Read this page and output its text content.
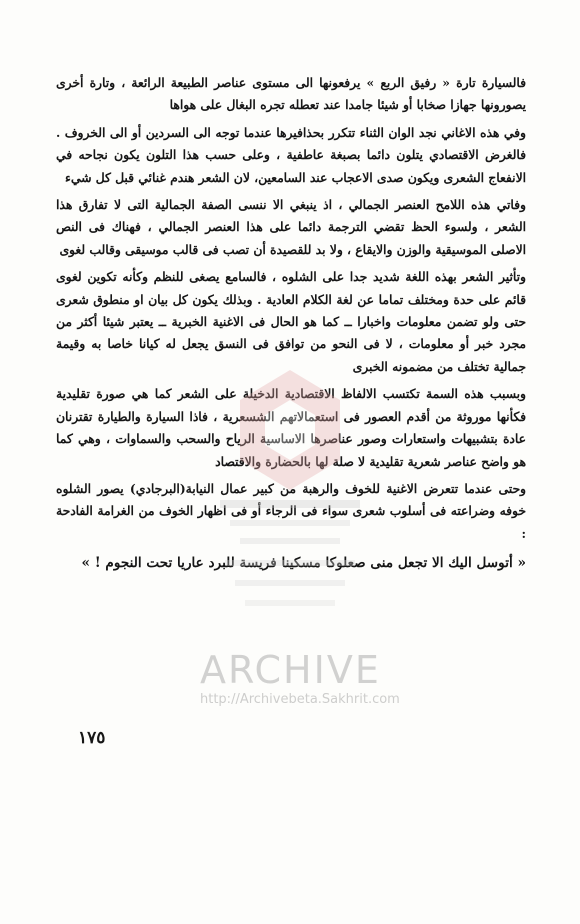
فالسيارة تارة « رفيق الربع » يرفعونها الى مستوى عناصر الطبيعة الرائعة ، وتارة أخرى يصورونها جهازا صخابا أو شيئا جامدا عند تعطله تجره البغال على هواها

وفي هذه الاغاني نجد الوان الثناء تتكرر بحذافيرها عندما توجه الى السردين أو الى الخروف . فالغرض الاقتصادي يتلون دائما بصبغة عاطفية ، وعلى حسب هذا التلون يكون نجاحه في الانفعاج الشعرى ويكون صدى الاعجاب عند السامعين، لان الشعر هندم غنائي قبل كل شيء

وفاتي هذه اللامح العنصر الجمالي ، اذ ينبغي الا ننسى الصفة الجمالية التى لا تفارق هذا الشعر ، ولسوء الحظ تقضي الترجمة دائما على هذا العنصر الجمالي ، فهناك فى النص الاصلى الموسيقية والوزن والايقاع ، ولا بد للقصيدة أن تصب فى قالب موسيقى وقالب لغوى

وتأثير الشعر بهذه اللغة شديد جدا على الشلوه ، فالسامع يصغى للنظم وكأنه تكوين لغوى قائم على حدة ومختلف تماما عن لغة الكلام العادية . وبذلك يكون كل بيان او منطوق شعرى حتى ولو تضمن معلومات واخبارا ــ كما هو الحال فى الاغنية الخبرية ــ يعتبر شيئا أكثر من مجرد خبر أو معلومات ، لا فى النحو من توافق فى النسق يجعل له كيانا خاصا به وقيمة جمالية تختلف من مضمونه الخبرى

وبسبب هذه السمة تكتسب الالفاظ الاقتصادية الدخيلة على الشعر كما هي صورة تقليدية فكأنها موروثة من أقدم العصور فى استعمالاتهم الشسعرية ، فاذا السيارة والطيارة تقترنان عادة بتشبيهات واستعارات وصور عناصرها الاساسية الرياح والسحب والسماوات ، وهي كما هو واضح عناصر شعرية تقليدية لا صلة لها بالحضارة والاقتصاد

وحتى عندما تتعرض الاغنية للخوف والرهبة من كبير عمال النيابة(البرجادي) يصور الشلوه خوفه وضراعته فى أسلوب شعرى سواء فى الرجاء أو فى اظهار الخوف من الغرامة الفادحة :

« أتوسل اليك الا تجعل منى صعلوكا مسكينا فريسة للبرد عاريا تحت النجوم ! »

ARCHIVE
http://Archivebeta.Sakhrit.com
١٧٥
